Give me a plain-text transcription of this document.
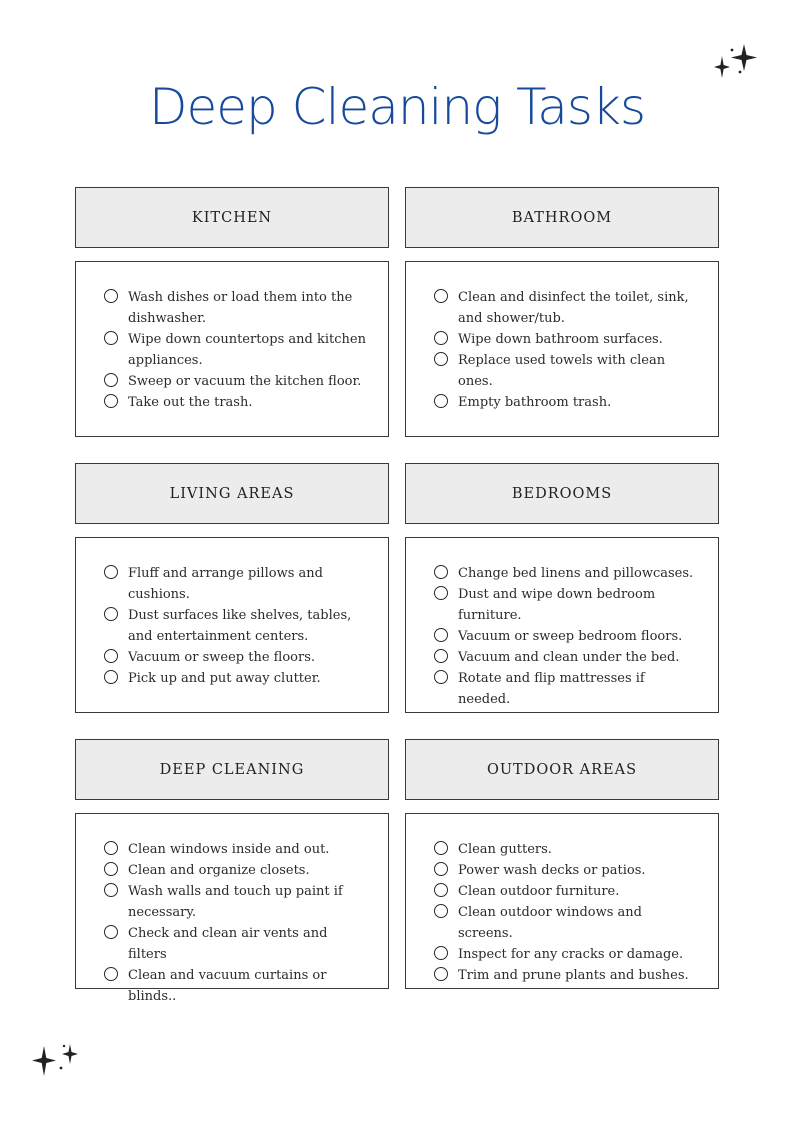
Deep Cleaning Tasks
KITCHEN
Wash dishes or load them into the dishwasher.
Wipe down countertops and kitchen appliances.
Sweep or vacuum the kitchen floor.
Take out the trash.
BATHROOM
Clean and disinfect the toilet, sink, and shower/tub.
Wipe down bathroom surfaces.
Replace used towels with clean ones.
Empty bathroom trash.
LIVING AREAS
Fluff and arrange pillows and cushions.
Dust surfaces like shelves, tables, and entertainment centers.
Vacuum or sweep the floors.
Pick up and put away clutter.
BEDROOMS
Change bed linens and pillowcases.
Dust and wipe down bedroom furniture.
Vacuum or sweep bedroom floors.
Vacuum and clean under the bed.
Rotate and flip mattresses if needed.
DEEP CLEANING
Clean windows inside and out.
Clean and organize closets.
Wash walls and touch up paint if necessary.
Check and clean air vents and filters
Clean and vacuum curtains or blinds..
OUTDOOR AREAS
Clean gutters.
Power wash decks or patios.
Clean outdoor furniture.
Clean outdoor windows and screens.
Inspect for any cracks or damage.
Trim and prune plants and bushes.
